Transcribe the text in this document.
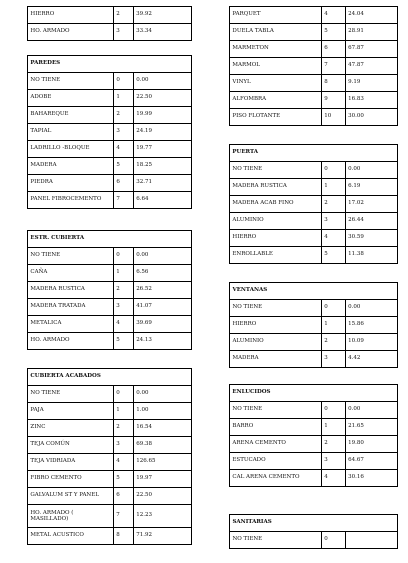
	HIERRO	2	39.92
	HO. ARMADO	3	33.34
	PAREDES		
	NO TIENE	0	0.00
	ADOBE	1	22.50
	BAHAREQUE	2	19.99
	TAPIAL	3	24.19
	LADRILLO -BLOQUE	4	19.77
	MADERA	5	18.25
	PIEDRA	6	32.71
	PANEL FIBROCEMENTO	7	6.64
	ESTR. CUBIERTA		
	NO TIENE	0	0.00
	CAÑA	1	6.56
	MADERA RUSTICA	2	26.52
	MADERA TRATADA	3	41.07
	METALICA	4	39.69
	HO. ARMADO	5	24.13
	CUBIERTA ACABADOS		
	NO TIENE	0	0.00
	PAJA	1	1.00
	ZINC	2	16.54
	TEJA COMÚN	3	69.38
	TEJA VIDRIADA	4	126.65
	FIBRO CEMENTO	5	19.97
	GALVALUM ST Y PANEL	6	22.50
	HO. ARMADO ( MASILLADO)	7	12.23
	METAL ACUSTICO	8	71.92
	PARQUET	4	24.04
	DUELA TABLA	5	28.91
	MARMETON	6	67.87
	MARMOL	7	47.87
	VINYL	8	9.19
	ALFOMBRA	9	16.83
	PISO FLOTANTE	10	30.00
	PUERTA		
	NO TIENE	0	0.00
	MADERA RUSTICA	1	6.19
	MADERA ACAB FINO	2	17.02
	ALUMINIO	3	26.44
	HIERRO	4	30.59
	ENROLLABLE	5	11.38
	VENTANAS		
	NO TIENE	0	0.00
	HIERRO	1	15.86
	ALUMINIO	2	10.09
	MADERA	3	4.42
	ENLUCIDOS		
	NO TIENE	0	0.00
	BARRO	1	21.65
	ARENA CEMENTO	2	19.80
	ESTUCADO	3	64.67
	CAL ARENA CEMENTO	4	30.16
	SANITARIAS		
	NO TIENE	0	
